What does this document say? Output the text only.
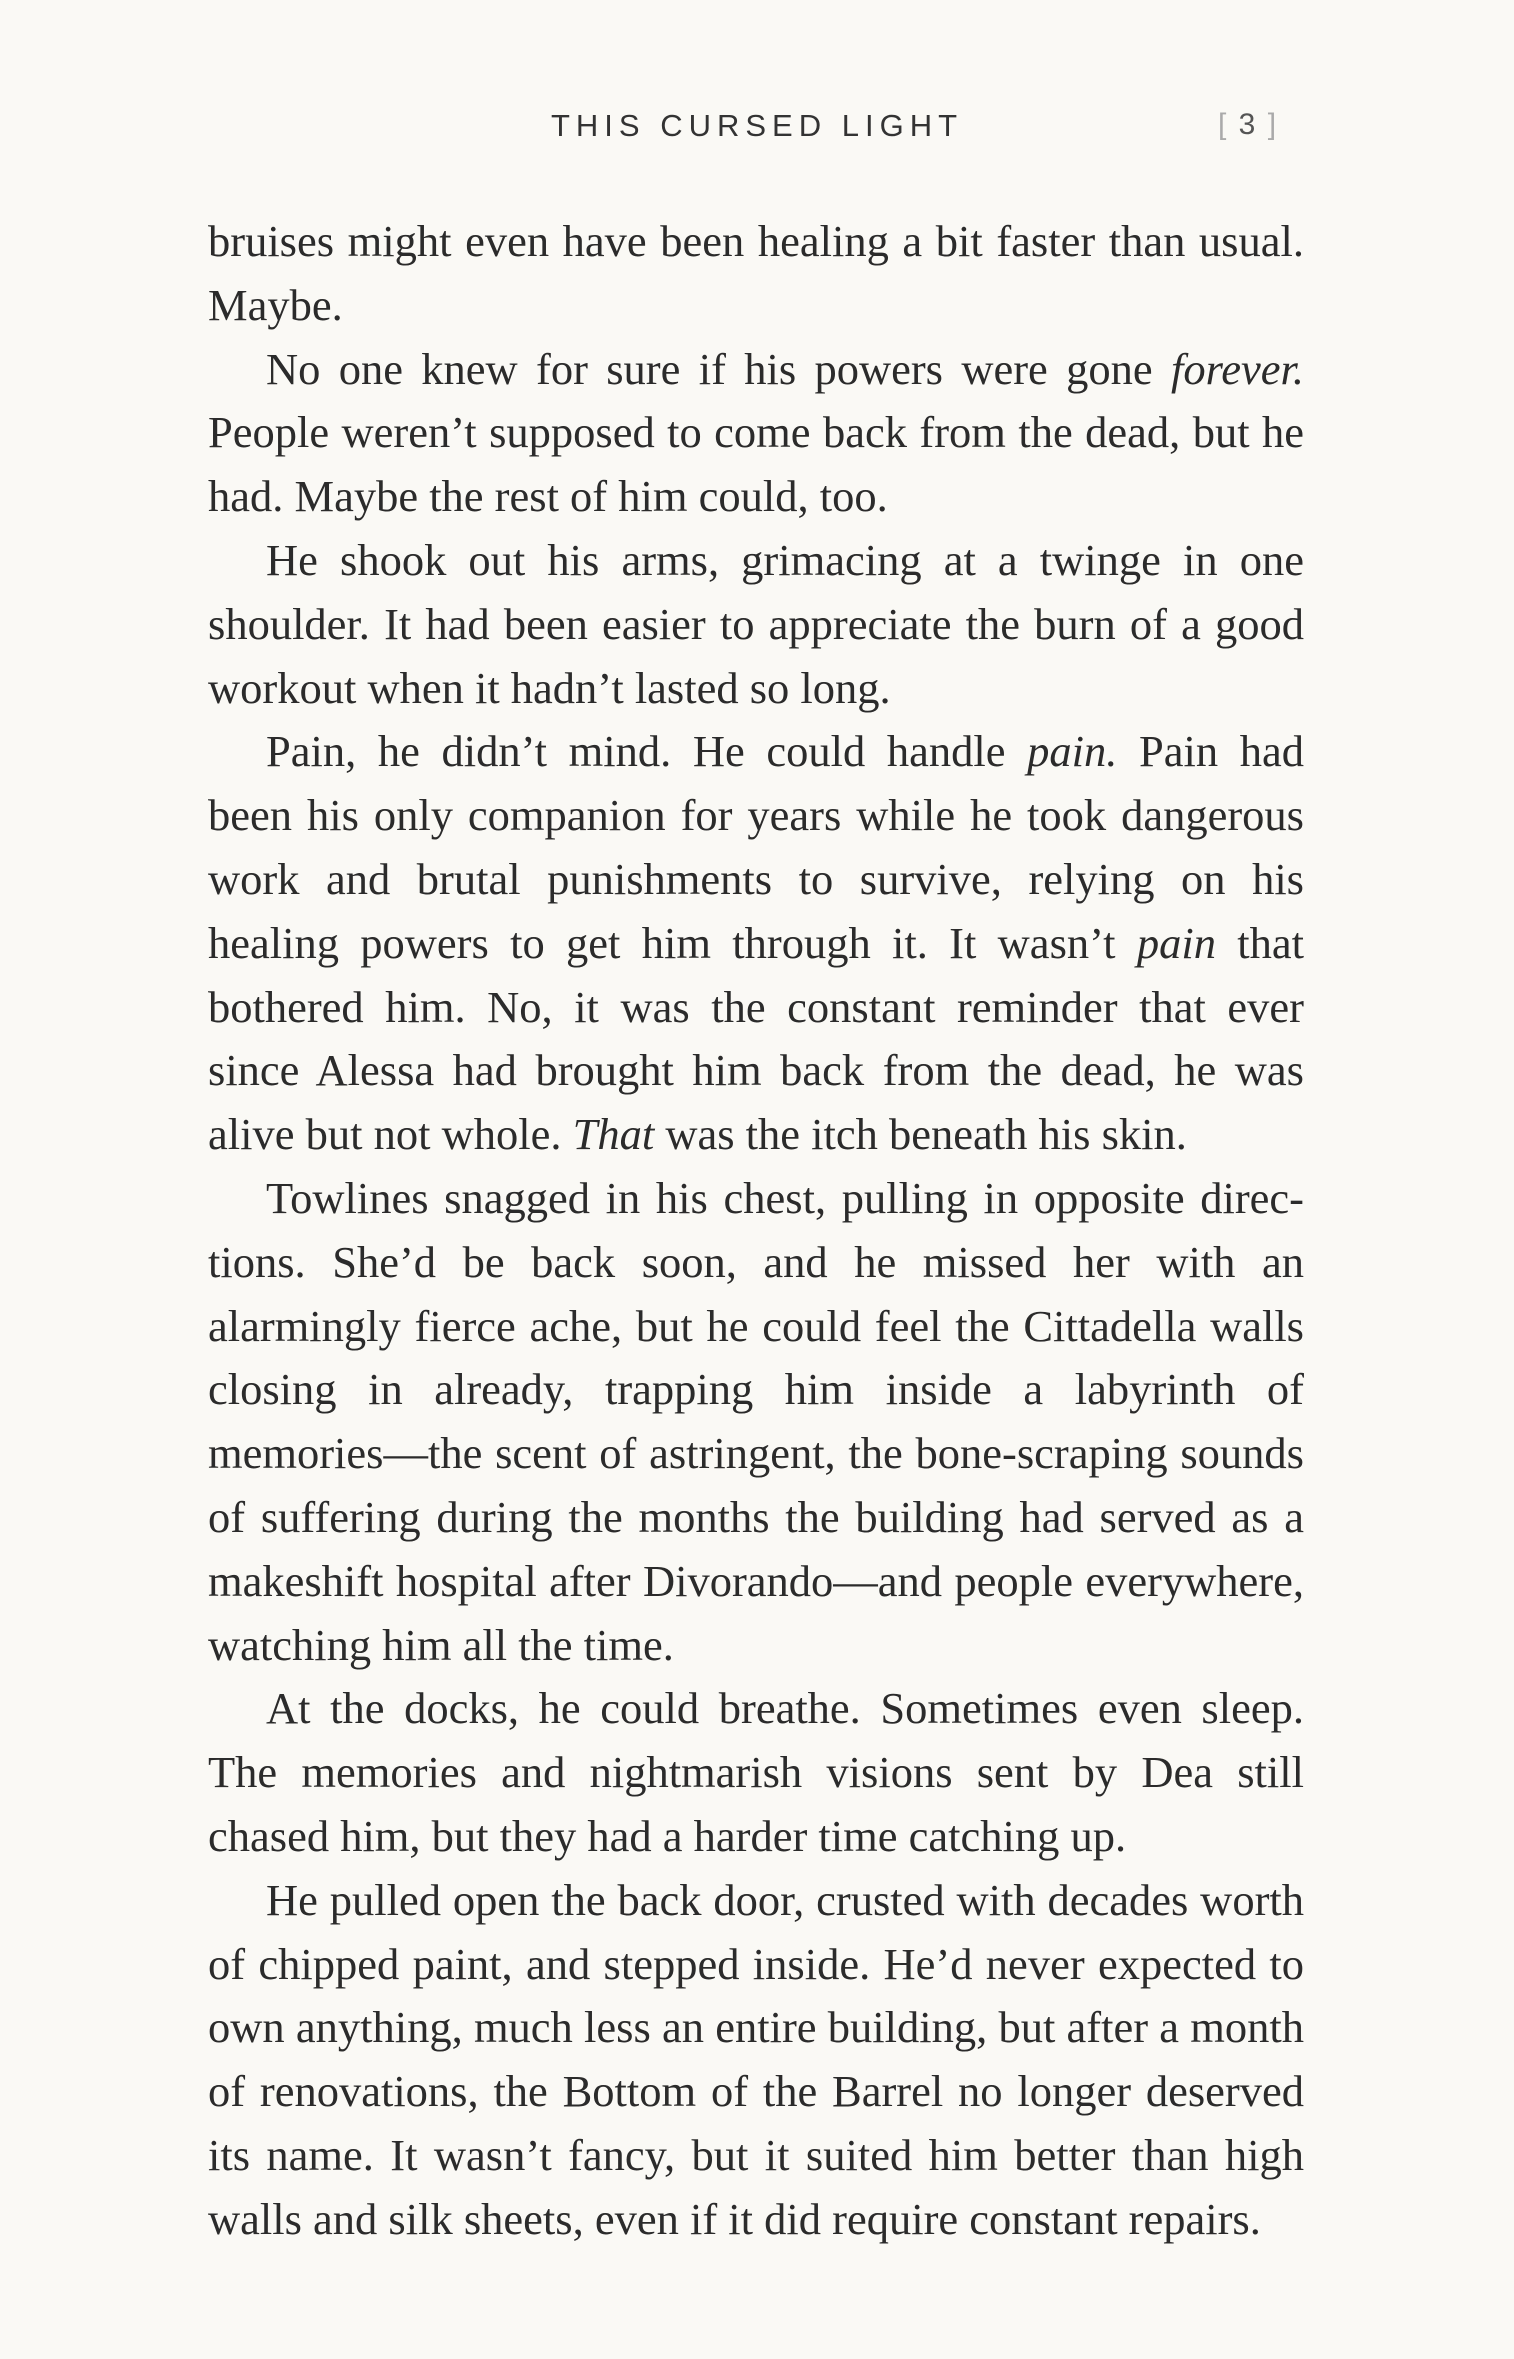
THIS CURSED LIGHT	[ 3 ]

bruises might even have been healing a bit faster than usual. Maybe.

No one knew for sure if his powers were gone forever. People weren’t supposed to come back from the dead, but he had. Maybe the rest of him could, too.

He shook out his arms, grimacing at a twinge in one shoulder. It had been easier to appreciate the burn of a good workout when it hadn’t lasted so long.

Pain, he didn’t mind. He could handle pain. Pain had been his only companion for years while he took dangerous work and brutal punishments to survive, relying on his healing powers to get him through it. It wasn’t pain that bothered him. No, it was the constant reminder that ever since Alessa had brought him back from the dead, he was alive but not whole. That was the itch beneath his skin.

Towlines snagged in his chest, pulling in opposite directions. She’d be back soon, and he missed her with an alarmingly fierce ache, but he could feel the Cittadella walls closing in already, trapping him inside a labyrinth of memories—the scent of astringent, the bone-scraping sounds of suffering during the months the building had served as a makeshift hospital after Divorando—and people everywhere, watching him all the time.

At the docks, he could breathe. Sometimes even sleep. The memories and nightmarish visions sent by Dea still chased him, but they had a harder time catching up.

He pulled open the back door, crusted with decades worth of chipped paint, and stepped inside. He’d never expected to own anything, much less an entire building, but after a month of renovations, the Bottom of the Barrel no longer deserved its name. It wasn’t fancy, but it suited him better than high walls and silk sheets, even if it did require constant repairs.
